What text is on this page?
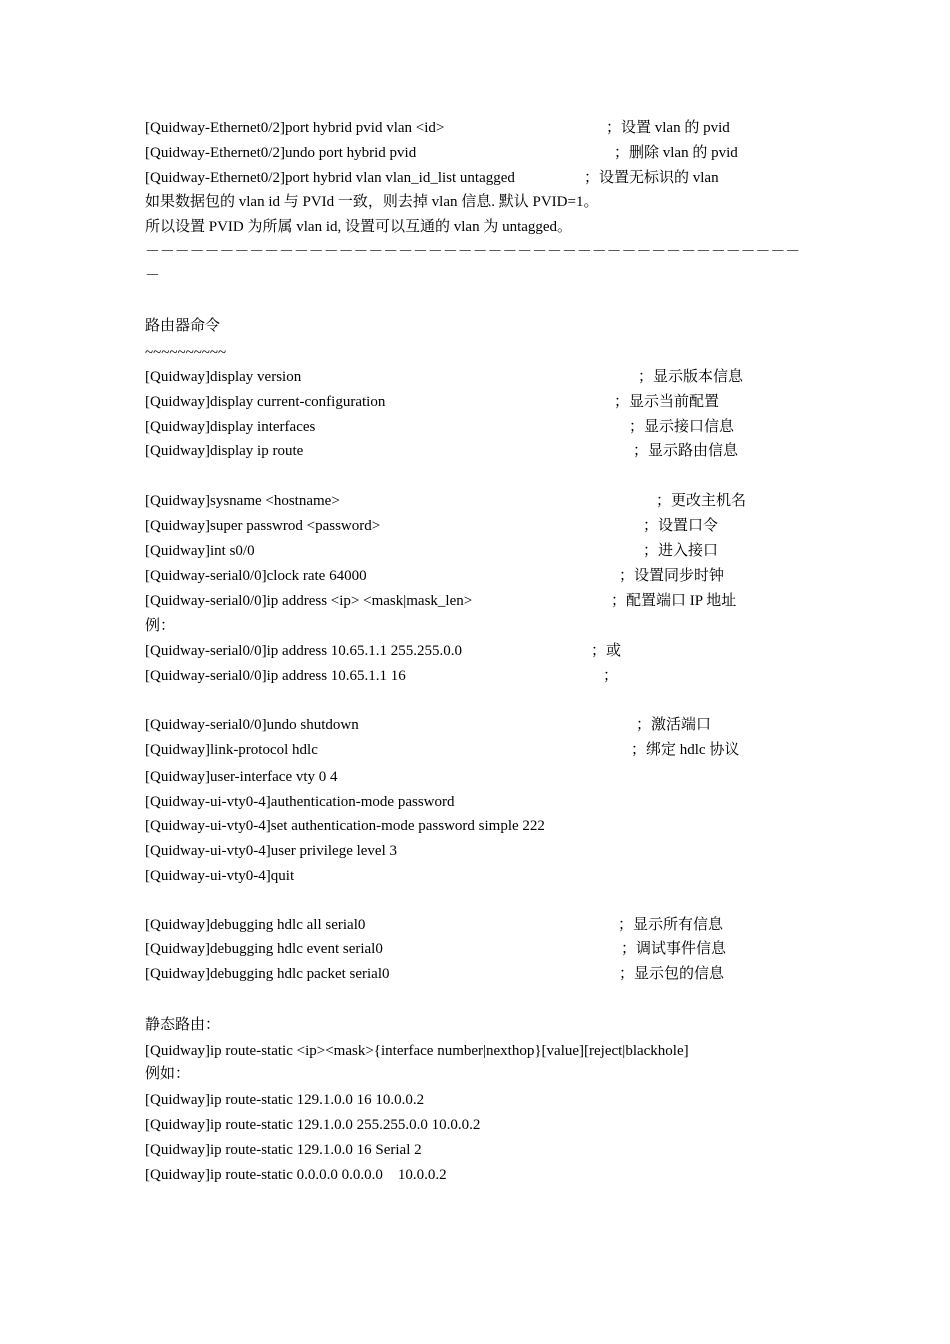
[Quidway-Ethernet0/2]port hybrid pvid vlan <id>	；设置 vlan 的 pvid
[Quidway-Ethernet0/2]undo port hybrid pvid	；删除 vlan 的 pvid
[Quidway-Ethernet0/2]port hybrid vlan vlan_id_list untagged	；设置无标识的 vlan
如果数据包的 vlan id 与 PVId 一致，则去掉 vlan 信息. 默认 PVID=1。
所以设置 PVID 为所属 vlan id, 设置可以互通的 vlan 为 untagged。
－－－－－－－－－－－－－－－－－－－－－－－－－－－－－－－－－－－－－－－－－－－－
－
路由器命令
~~~~~~~~~~
[Quidway]display version	；显示版本信息
[Quidway]display current-configuration	；显示当前配置
[Quidway]display interfaces	；显示接口信息
[Quidway]display ip route	；显示路由信息
[Quidway]sysname <hostname>	；更改主机名
[Quidway]super passwrod <password>	；设置口令
[Quidway]int s0/0	；进入接口
[Quidway-serial0/0]clock rate 64000	；设置同步时钟
[Quidway-serial0/0]ip address <ip> <mask|mask_len>	；配置端口 IP 地址
例：
[Quidway-serial0/0]ip address 10.65.1.1 255.255.0.0	；或
[Quidway-serial0/0]ip address 10.65.1.1 16	；
[Quidway-serial0/0]undo shutdown	；激活端口
[Quidway]link-protocol hdlc	；绑定 hdlc 协议
[Quidway]user-interface vty 0 4
[Quidway-ui-vty0-4]authentication-mode password
[Quidway-ui-vty0-4]set authentication-mode password simple 222
[Quidway-ui-vty0-4]user privilege level 3
[Quidway-ui-vty0-4]quit
[Quidway]debugging hdlc all serial0	；显示所有信息
[Quidway]debugging hdlc event serial0	；调试事件信息
[Quidway]debugging hdlc packet serial0	；显示包的信息
静态路由：
[Quidway]ip route-static <ip><mask>{interface number|nexthop}[value][reject|blackhole]
例如：
[Quidway]ip route-static 129.1.0.0 16 10.0.0.2
[Quidway]ip route-static 129.1.0.0 255.255.0.0 10.0.0.2
[Quidway]ip route-static 129.1.0.0 16 Serial 2
[Quidway]ip route-static 0.0.0.0 0.0.0.0    10.0.0.2
